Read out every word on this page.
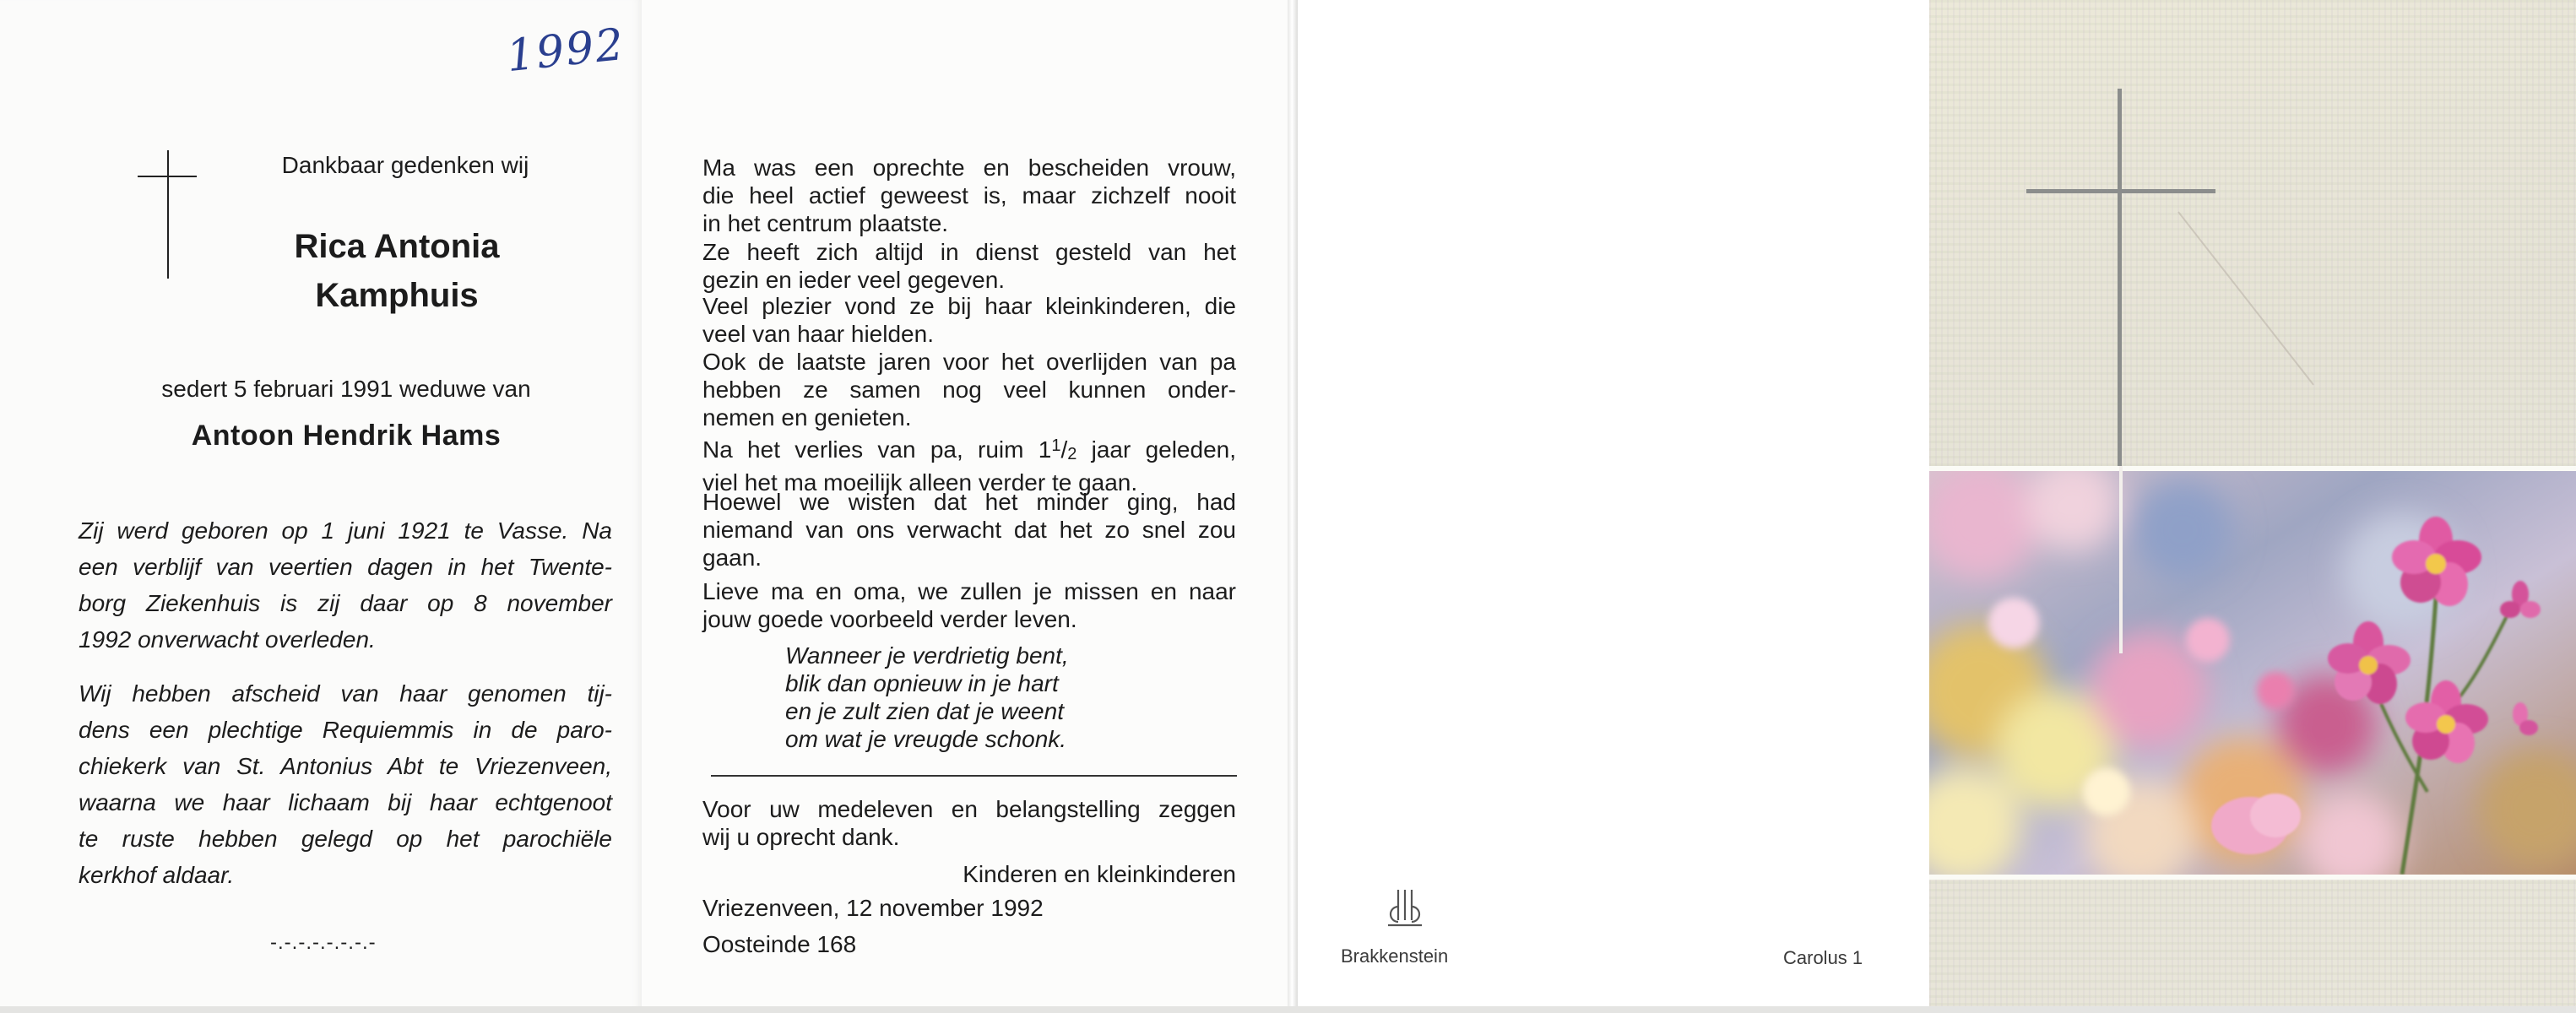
1992
Dankbaar gedenken wij
Rica Antonia
Kamphuis
sedert 5 februari 1991 weduwe van
Antoon Hendrik Hams
Zij werd geboren op 1 juni 1921 te Vasse. Na
een verblijf van veertien dagen in het Twente-
borg Ziekenhuis is zij daar op 8 november
1992 onverwacht overleden.
Wij hebben afscheid van haar genomen tij-
dens een plechtige Requiemmis in de paro-
chiekerk van St. Antonius Abt te Vriezenveen,
waarna we haar lichaam bij haar echtgenoot
te ruste hebben gelegd op het parochiële
kerkhof aldaar.
-.-.-.-.-.-.-.-
Ma was een oprechte en bescheiden vrouw,
die heel actief geweest is, maar zichzelf nooit
in het centrum plaatste.
Ze heeft zich altijd in dienst gesteld van het
gezin en ieder veel gegeven.
Veel plezier vond ze bij haar kleinkinderen, die
veel van haar hielden.
Ook de laatste jaren voor het overlijden van pa
hebben ze samen nog veel kunnen onder-
nemen en genieten.
Na het verlies van pa, ruim $1^1/2$ jaar geleden,
viel het ma moeilijk alleen verder te gaan.
Hoewel we wisten dat het minder ging, had
niemand van ons verwacht dat het zo snel zou
gaan.
Lieve ma en oma, we zullen je missen en naar
jouw goede voorbeeld verder leven.
Wanneer je verdrietig bent,
blik dan opnieuw in je hart
en je zult zien dat je weent
om wat je vreugde schonk.
Voor uw medeleven en belangstelling zeggen
wij u oprecht dank.
Kinderen en kleinkinderen
Vriezenveen, 12 november 1992
Oosteinde 168	Brakkenstein	Carolus 1
